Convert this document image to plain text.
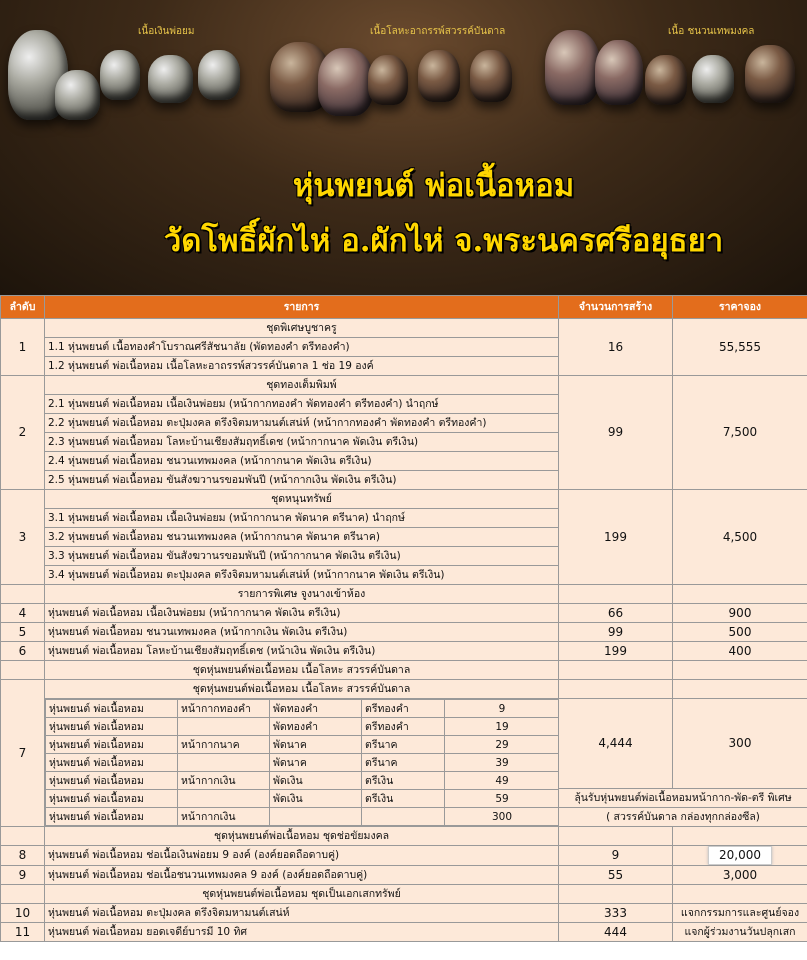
เนื้อเงินพ่อยม	เนื้อโลหะอาถรรพ์สวรรค์บันดาล	เนื้อ ชนวนเทพมงคล
หุ่นพยนต์ พ่อเนื้อหอม
วัดโพธิ์ผักไห่ อ.ผักไห่ จ.พระนครศรีอยุธยา
ลำดับ	รายการ	จำนวนการสร้าง	ราคาจอง
1	ชุดพิเศษบูชาครู	16	55,555
1.1 หุ่นพยนต์ เนื้อทองคำโบราณศรีสัชนาลัย (พัดทองคำ ตรีทองคำ)
1.2 หุ่นพยนต์ พ่อเนื้อหอม เนื้อโลหะอาถรรพ์สวรรค์บันดาล 1 ช่อ 19 องค์
2	ชุดทองเต็มพิมพ์	99	7,500
2.1 หุ่นพยนต์ พ่อเนื้อหอม เนื้อเงินพ่อยม (หน้ากากทองคำ พัดทองคำ ตรีทองคำ) นำฤกษ์
2.2 หุ่นพยนต์ พ่อเนื้อหอม ตะปุ่มงคล ตรึงจิตมหามนต์เสน่ห์ (หน้ากากทองคำ พัดทองคำ ตรีทองคำ)
2.3 หุ่นพยนต์ พ่อเนื้อหอม โลหะบ้านเชียงสัมฤทธิ์เดช (หน้ากากนาค พัดเงิน ตรีเงิน)
2.4 หุ่นพยนต์ พ่อเนื้อหอม ชนวนเทพมงคล (หน้ากากนาค พัดเงิน ตรีเงิน)
2.5 หุ่นพยนต์ พ่อเนื้อหอม ขันสังฆวานรขอมพันปี (หน้ากากเงิน พัดเงิน ตรีเงิน)
3	ชุดหนุนทรัพย์	199	4,500
3.1 หุ่นพยนต์ พ่อเนื้อหอม เนื้อเงินพ่อยม (หน้ากากนาค พัดนาค ตรีนาค) นำฤกษ์
3.2 หุ่นพยนต์ พ่อเนื้อหอม ชนวนเทพมงคล (หน้ากากนาค พัดนาค ตรีนาค)
3.3 หุ่นพยนต์ พ่อเนื้อหอม ขันสังฆวานรขอมพันปี (หน้ากากนาค พัดเงิน ตรีเงิน)
3.4 หุ่นพยนต์ พ่อเนื้อหอม ตะปุ่มงคล ตรึงจิตมหามนต์เสน่ห์ (หน้ากากนาค พัดเงิน ตรีเงิน)
	รายการพิเศษ จูงนางเข้าห้อง		
4	หุ่นพยนต์ พ่อเนื้อหอม เนื้อเงินพ่อยม (หน้ากากนาค พัดเงิน ตรีเงิน)	66	900
5	หุ่นพยนต์ พ่อเนื้อหอม ชนวนเทพมงคล (หน้ากากเงิน พัดเงิน ตรีเงิน)	99	500
6	หุ่นพยนต์ พ่อเนื้อหอม โลหะบ้านเชียงสัมฤทธิ์เดช (หน้าเงิน พัดเงิน ตรีเงิน)	199	400
	ชุดหุ่นพยนต์พ่อเนื้อหอม เนื้อโลหะ สวรรค์บันดาล		
7	ชุดหุ่นพยนต์พ่อเนื้อหอม เนื้อโลหะ สวรรค์บันดาล		

หุ่นพยนต์ พ่อเนื้อหอม	หน้ากากทองคำ	พัดทองคำ	ตรีทองคำ	9
หุ่นพยนต์ พ่อเนื้อหอม		พัดทองคำ	ตรีทองคำ	19
หุ่นพยนต์ พ่อเนื้อหอม	หน้ากากนาค	พัดนาค	ตรีนาค	29
หุ่นพยนต์ พ่อเนื้อหอม		พัดนาค	ตรีนาค	39
หุ่นพยนต์ พ่อเนื้อหอม	หน้ากากเงิน	พัดเงิน	ตรีเงิน	49
หุ่นพยนต์ พ่อเนื้อหอม		พัดเงิน	ตรีเงิน	59
หุ่นพยนต์ พ่อเนื้อหอม	หน้ากากเงิน			300
	4,444	300

ลุ้นรับหุ่นพยนต์พ่อเนื้อหอมหน้ากาก-พัด-ตรี พิเศษ
( สวรรค์บันดาล กล่องทุกกล่องซีล)
	ชุดหุ่นพยนต์พ่อเนื้อหอม ชุดช่อขัยมงคล		
8	หุ่นพยนต์ พ่อเนื้อหอม ช่อเนื้อเงินพ่อยม 9 องค์ (องค์ยอดถือดาบคู่)	9	20,000
9	หุ่นพยนต์ พ่อเนื้อหอม ช่อเนื้อชนวนเทพมงคล 9 องค์ (องค์ยอดถือดาบคู่)	55	3,000
	ชุดหุ่นพยนต์พ่อเนื้อหอม ชุดเป็นเอกเสกทรัพย์		
10	หุ่นพยนต์ พ่อเนื้อหอม ตะปุ่มงคล ตรึงจิตมหามนต์เสน่ห์	333	แจกกรรมการและศูนย์จอง
11	หุ่นพยนต์ พ่อเนื้อหอม ยอดเจดีย์บารมี 10 ทิศ	444	แจกผู้ร่วมงานวันปลุกเสก
